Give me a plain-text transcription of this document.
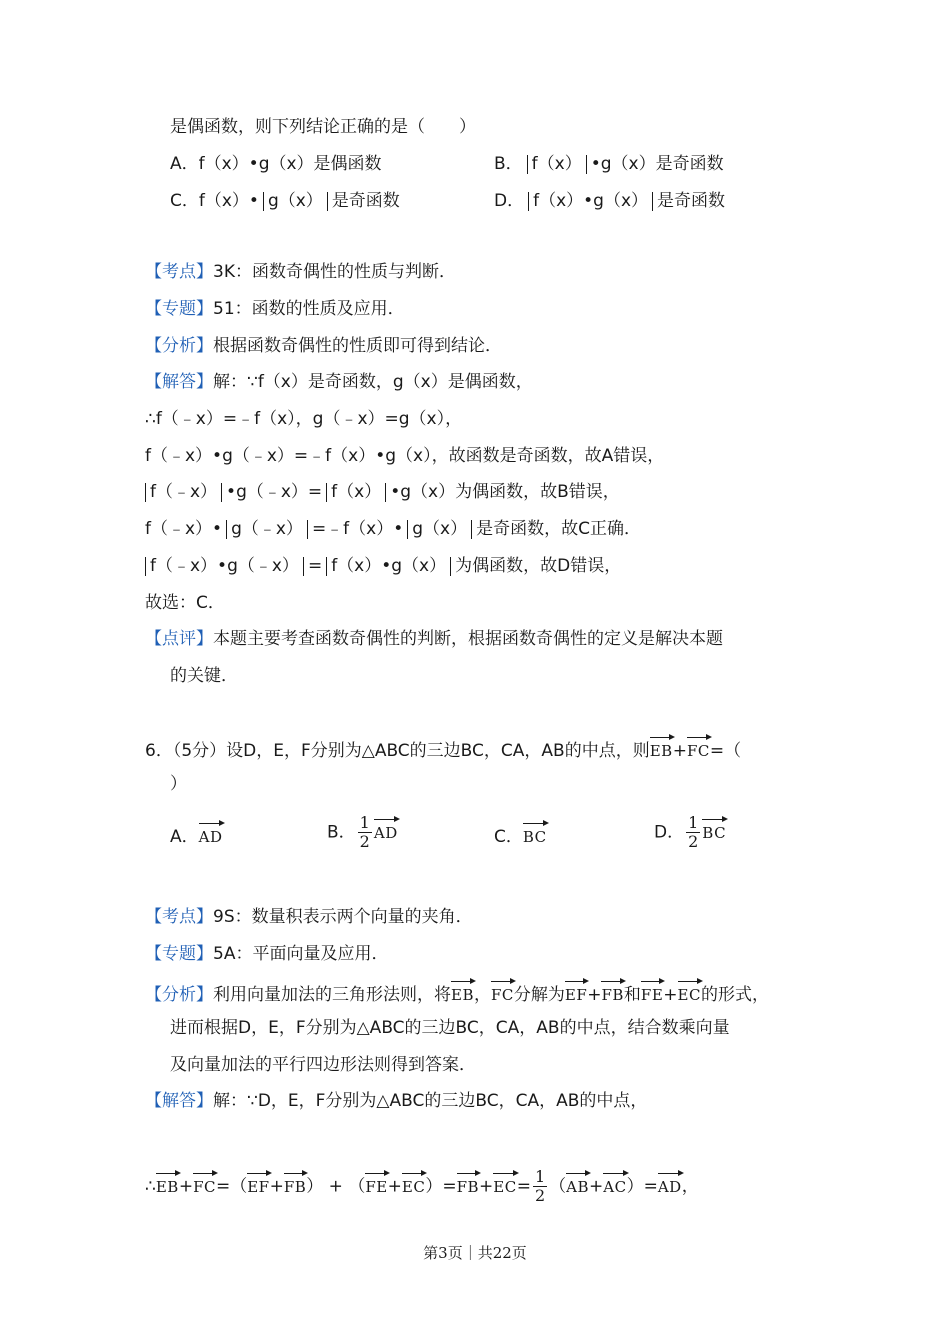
是偶函数，则下列结论正确的是（　　）
A．f（x）•g（x）是偶函数	B． f（x） •g（x）是奇函数
C．f（x）• g（x） 是奇函数	D． f（x）•g（x） 是奇函数
【考点】3K：函数奇偶性的性质与判断．
【专题】51：函数的性质及应用．
【分析】根据函数奇偶性的性质即可得到结论．
【解答】解：∵f（x）是奇函数，g（x）是偶函数，
∴f（﹣x）=﹣f（x），g（﹣x）=g（x），
f（﹣x）•g（﹣x）=﹣f（x）•g（x），故函数是奇函数，故A错误，
f（﹣x） •g（﹣x）= f（x） •g（x）为偶函数，故B错误，
f（﹣x）• g（﹣x） =﹣f（x）• g（x） 是奇函数，故C正确．
f（﹣x）•g（﹣x） = f（x）•g（x） 为偶函数，故D错误，
故选：C．
【点评】本题主要考查函数奇偶性的判断，根据函数奇偶性的定义是解决本题
的关键．
6．（5分）设D，E，F分别为△ABC的三边BC，CA，AB的中点，则EB+FC=（
）
A．AD	B． $\frac{1}{2}$ AD	C．BC	D． $\frac{1}{2}$ BC
【考点】9S：数量积表示两个向量的夹角．
【专题】5A：平面向量及应用．
【分析】利用向量加法的三角形法则，将EB，FC分解为EF+FB和FE+EC的形式，
进而根据D，E，F分别为△ABC的三边BC，CA，AB的中点，结合数乘向量
及向量加法的平行四边形法则得到答案．
【解答】解：∵D，E，F分别为△ABC的三边BC，CA，AB的中点，
∴EB+FC=（EF+FB） + $(FE+EC)=FB+EC= \frac{1}{2} (AB+AC)=AD$，
第3页｜共22页
